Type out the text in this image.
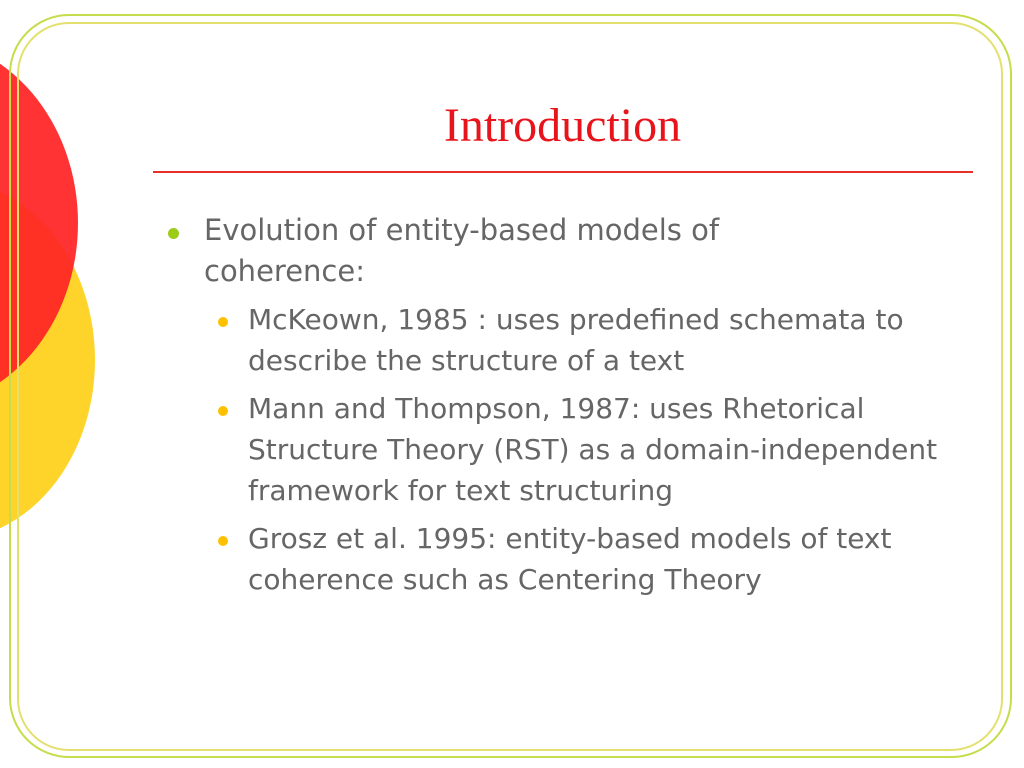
Introduction
Evolution of entity-based models of coherence:
McKeown, 1985 : uses predefined schemata to describe the structure of a text
Mann and Thompson, 1987: uses Rhetorical Structure Theory (RST) as a domain-independent framework for text structuring
Grosz et al. 1995: entity-based models of text coherence such as Centering Theory
